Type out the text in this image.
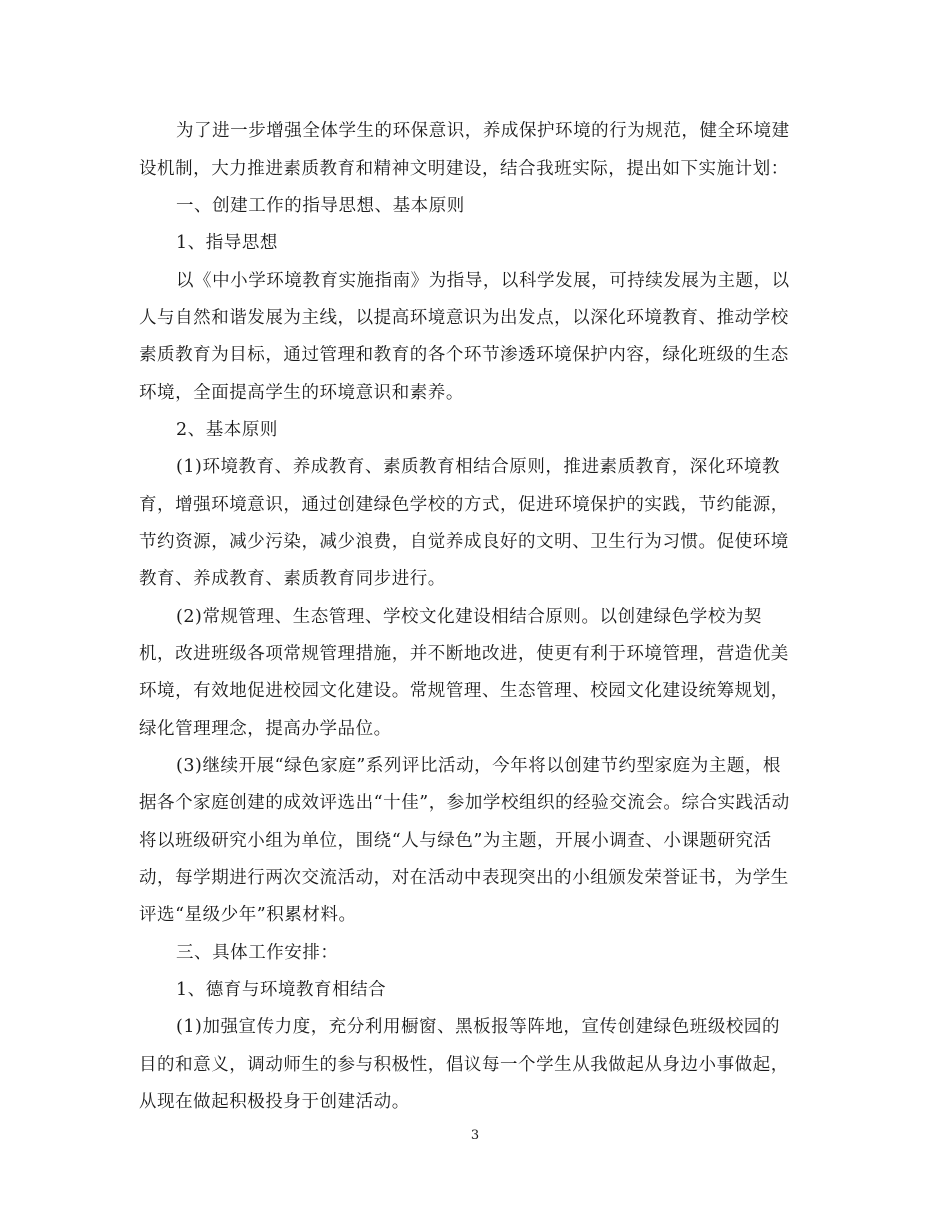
为了进一步增强全体学生的环保意识，养成保护环境的行为规范，健全环境建
设机制，大力推进素质教育和精神文明建设，结合我班实际，提出如下实施计划：
一、创建工作的指导思想、基本原则
1、指导思想
以《中小学环境教育实施指南》为指导，以科学发展，可持续发展为主题，以
人与自然和谐发展为主线，以提高环境意识为出发点，以深化环境教育、推动学校
素质教育为目标，通过管理和教育的各个环节渗透环境保护内容，绿化班级的生态
环境，全面提高学生的环境意识和素养。
2、基本原则
(1)环境教育、养成教育、素质教育相结合原则，推进素质教育，深化环境教
育，增强环境意识，通过创建绿色学校的方式，促进环境保护的实践，节约能源，
节约资源，减少污染，减少浪费，自觉养成良好的文明、卫生行为习惯。促使环境
教育、养成教育、素质教育同步进行。
(2)常规管理、生态管理、学校文化建设相结合原则。以创建绿色学校为契
机，改进班级各项常规管理措施，并不断地改进，使更有利于环境管理，营造优美
环境，有效地促进校园文化建设。常规管理、生态管理、校园文化建设统筹规划，
绿化管理理念，提高办学品位。
(3)继续开展“绿色家庭”系列评比活动，今年将以创建节约型家庭为主题，根
据各个家庭创建的成效评选出“十佳”，参加学校组织的经验交流会。综合实践活动
将以班级研究小组为单位，围绕“人与绿色”为主题，开展小调查、小课题研究活
动，每学期进行两次交流活动，对在活动中表现突出的小组颁发荣誉证书，为学生
评选“星级少年”积累材料。
三、具体工作安排：
1、德育与环境教育相结合
(1)加强宣传力度，充分利用橱窗、黑板报等阵地，宣传创建绿色班级校园的
目的和意义，调动师生的参与积极性，倡议每一个学生从我做起从身边小事做起，
从现在做起积极投身于创建活动。
3
